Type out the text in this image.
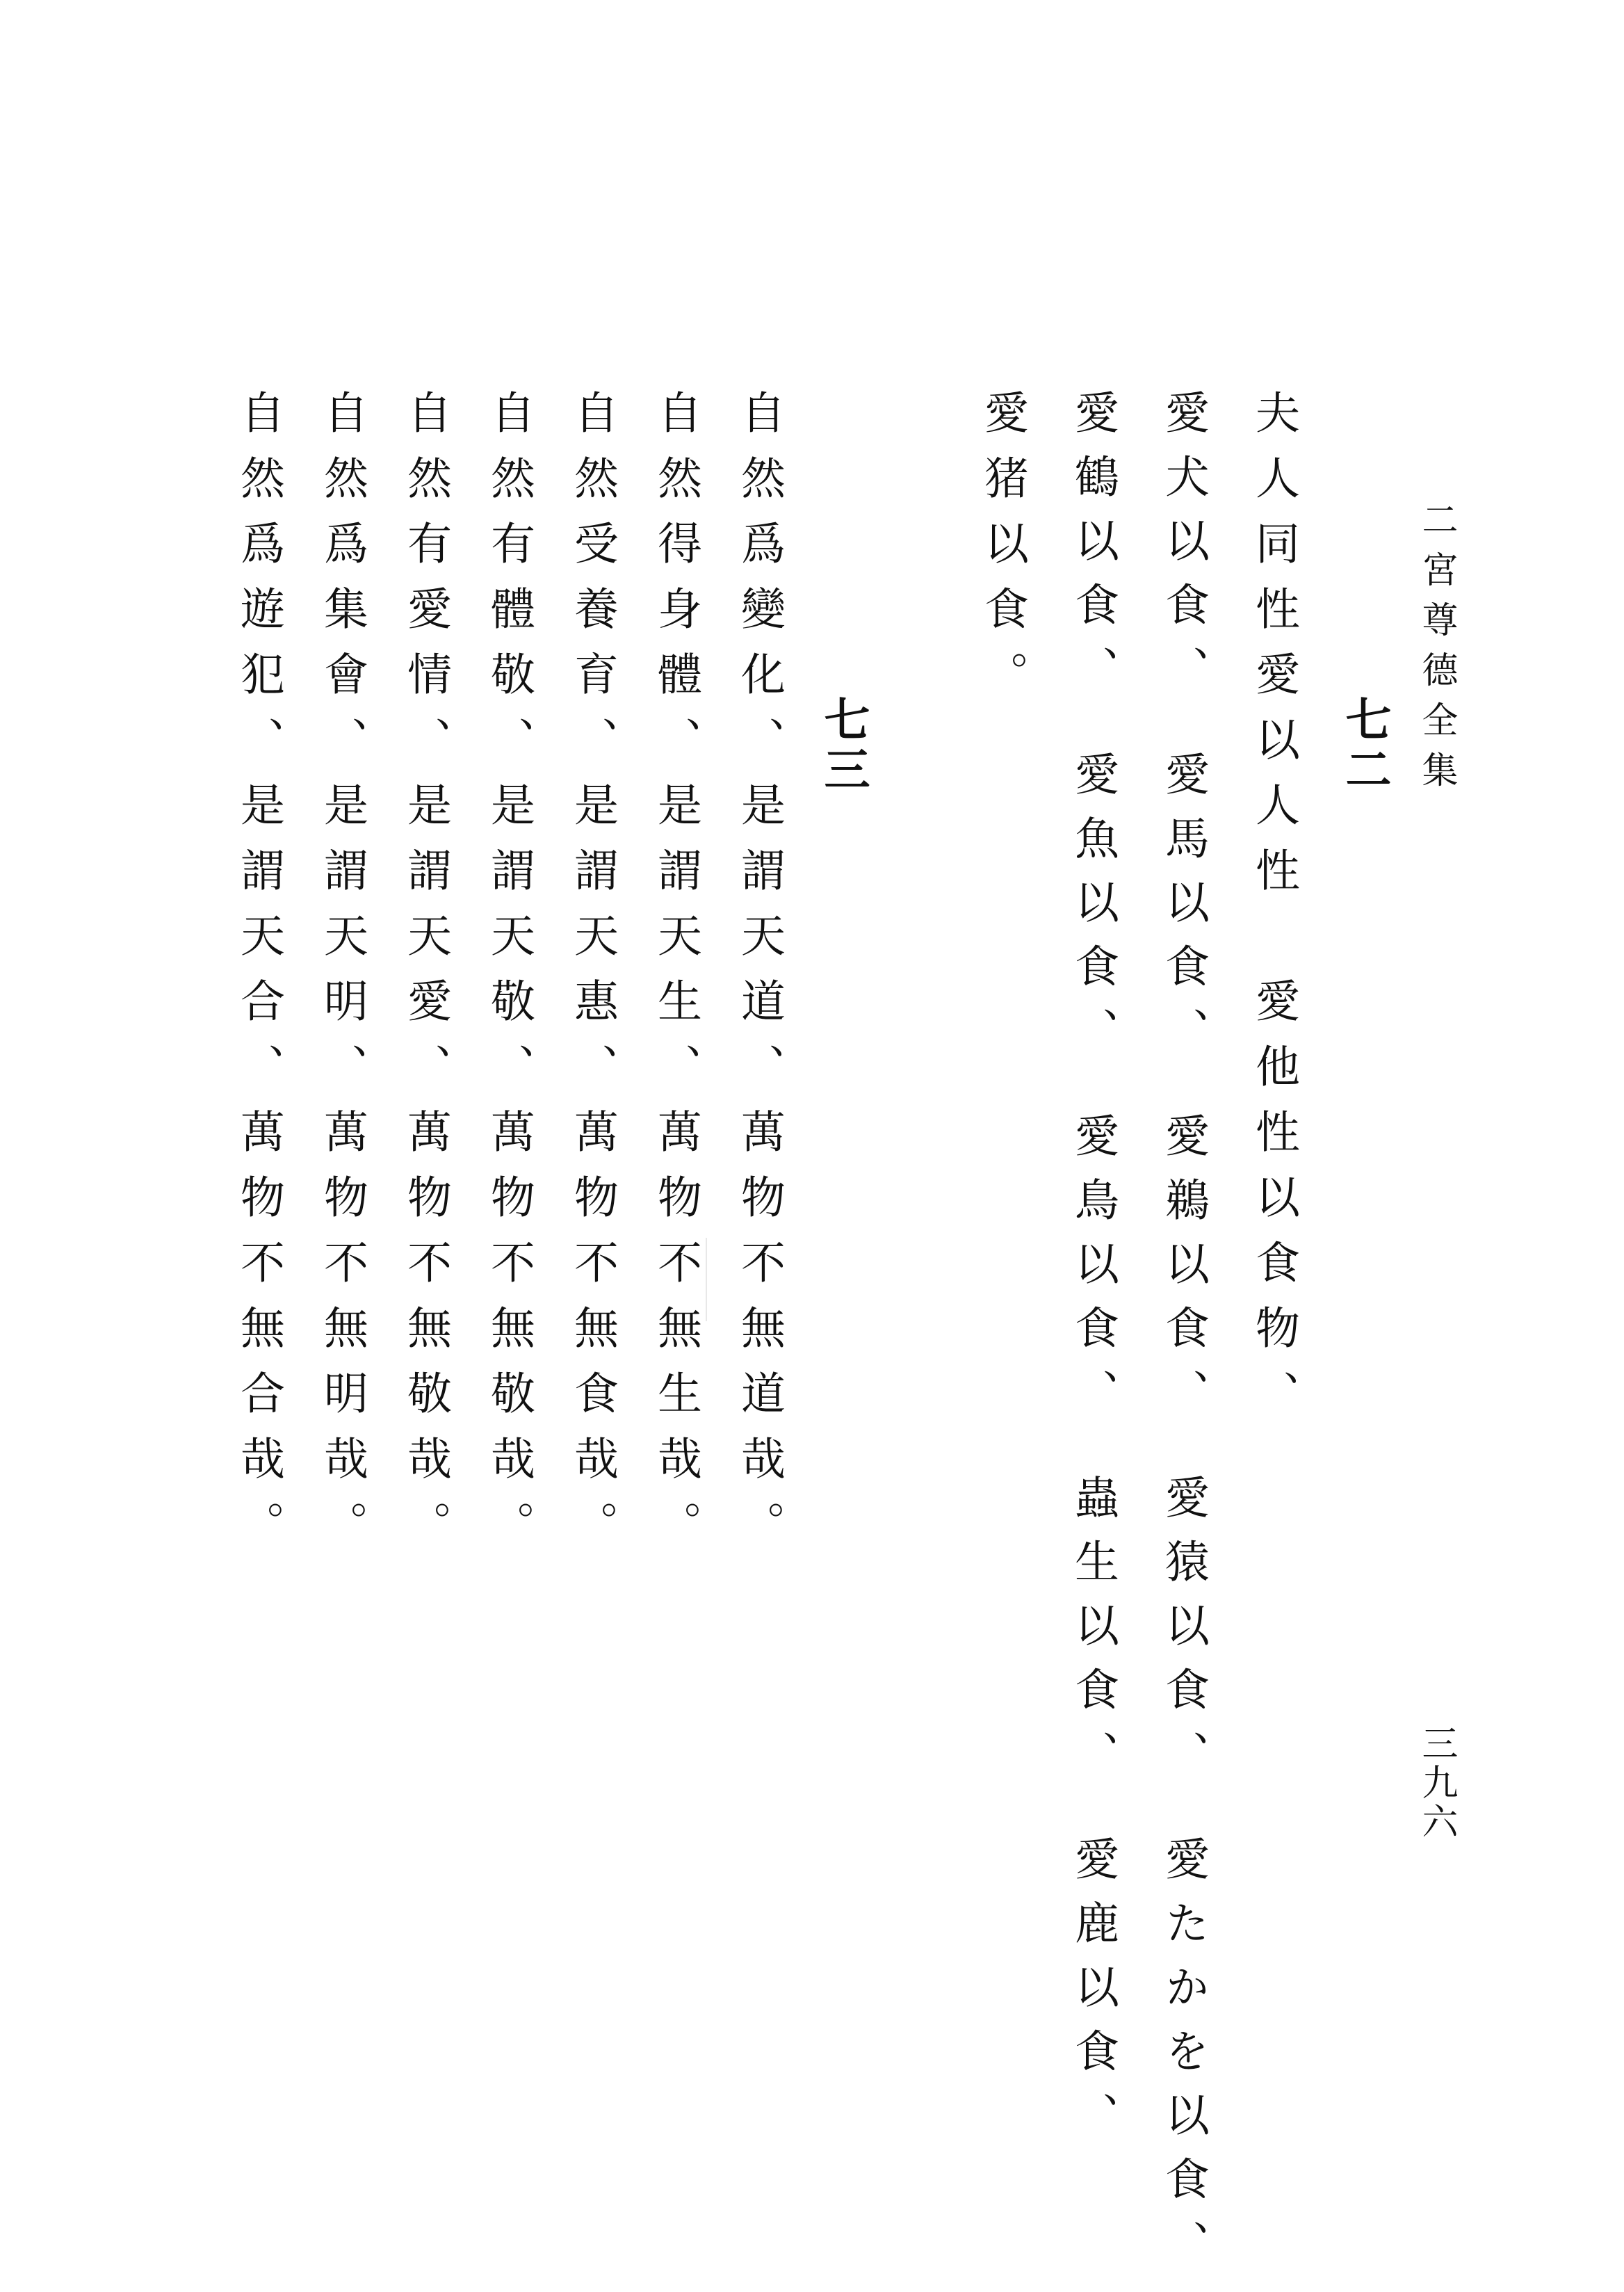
二宮尊德全集
三九六
七二
夫人同性愛以人性　愛他性以食物、
愛犬以食、　愛馬以食、　愛鵜以食、　愛猿以食、　愛たかを以食、
愛鶴以食、　愛魚以食、　愛鳥以食、　蟲生以食、　愛鹿以食、
愛猪以食。
七三
自然爲變化、是謂天道、萬物不無道哉。
自然得身體、是謂天生、萬物不無生哉。
自然受養育、是謂天惠、萬物不無食哉。
自然有體敬、是謂天敬、萬物不無敬哉。
自然有愛情、是謂天愛、萬物不無敬哉。
自然爲集會、是謂天明、萬物不無明哉。
自然爲遊犯、是謂天合、萬物不無合哉。
